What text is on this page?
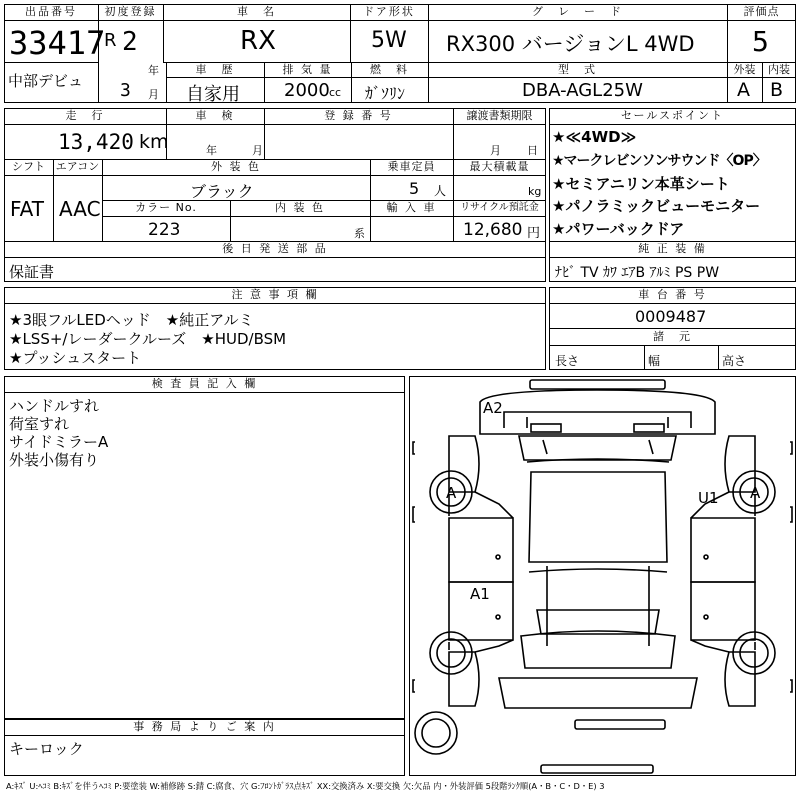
出品番号
33417
中部デビュ
初度登録
R 2
年
3 月
車　名
RX
ドア形状
5W
グ　レ　ー　ド
RX300 バージョンL 4WD
評価点
5
外装	内装
A B
車　歴
自家用
排 気 量
2000 cc
燃　料
ｶﾞｿﾘﾝ
型　式
DBA-AGL25W
走　行
13,420 km
車　検
年	月
登 録 番 号	譲渡書類期限
月 日
シフト
FAT
エアコン
AAC
外 装 色
ブラック
乗車定員
5 人
最大積載量
kg
カラー No.
223
内 装 色
系
輸 入 車	リサイクル預託金
12,680 円
後 日 発 送 部 品
保証書
セールスポイント
★≪4WD≫
★マークレビンソンサウンド〈OP〉
★セミアニリン本革シート
★パノラミックビューモニター
★パワーバックドア
純 正 装 備
ﾅﾋﾞ TV ｶﾜ ｴｱB ｱﾙﾐ PS PW
注 意 事 項 欄
★3眼フルLEDヘッド　★純正アルミ
★LSS+/レーダークルーズ　★HUD/BSM
★プッシュスタート
車 台 番 号
0009487
諸　元
長さ	幅	高さ
検 査 員 記 入 欄
ハンドルすれ
荷室すれ
サイドミラーA
外装小傷有り
事 務 局 よ り ご 案 内
キーロック
A2
A	A
U1
A1
A:ｷｽﾞ U:ﾍｺﾐ B:ｷｽﾞを伴うﾍｺﾐ P:要塗装 W:補修跡 S:錆 C:腐食、穴 G:ﾌﾛﾝﾄｶﾞﾗｽ点ｷｽﾞ XX:交換済み X:要交換 欠:欠品 内・外装評価 5段階ﾗﾝｸ順(A・B・C・D・E) 3
